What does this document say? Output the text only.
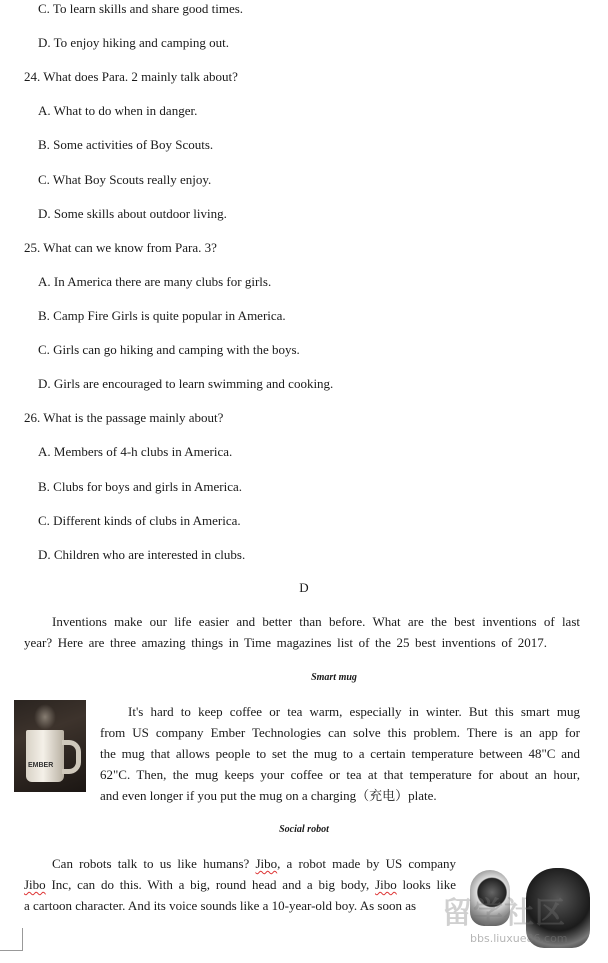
C. To learn skills and share good times.
D. To enjoy hiking and camping out.
24. What does Para. 2 mainly talk about?
A. What to do when in danger.
B. Some activities of Boy Scouts.
C. What Boy Scouts really enjoy.
D. Some skills about outdoor living.
25. What can we know from Para. 3?
A. In America there are many clubs for girls.
B. Camp Fire Girls is quite popular in America.
C. Girls can go hiking and camping with the boys.
D. Girls are encouraged to learn swimming and cooking.
26. What is the passage mainly about?
A. Members of 4-h clubs in America.
B. Clubs for boys and girls in America.
C. Different kinds of clubs in America.
D. Children who are interested in clubs.
D
Inventions make our life easier and better than before. What are the best inventions of last
year? Here are three amazing things in Time magazines list of the 25 best inventions of 2017.
Smart mug
EMBER
It's hard to keep coffee or tea warm, especially in winter. But this smart mug
from US company Ember Technologies can solve this problem. There is an app for
the mug that allows people to set the mug to a certain temperature between 48"C and
62"C. Then, the mug keeps your coffee or tea at that temperature for about an hour,
and even longer if you put the mug on a charging（充电）plate.
Social robot
Can robots talk to us like humans? Jibo, a robot made by US company
Jibo Inc, can do this. With a big, round head and a big body, Jibo looks like
a cartoon character. And its voice sounds like a 10-year-old boy. As soon as 留学社区
bbs.liuxue86.com
